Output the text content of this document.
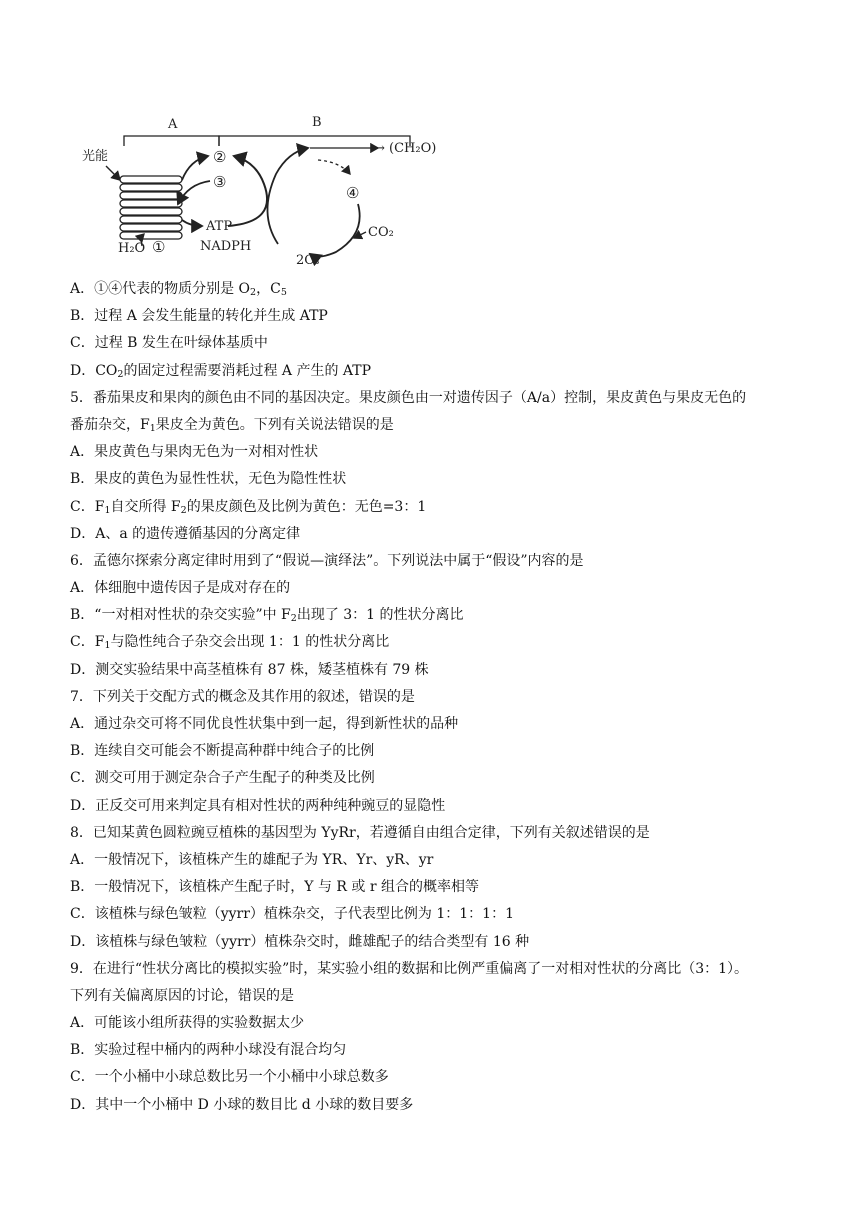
A	B
光能	②
③
④
①
ATP
NADPH
H₂O
→ (CH₂O)
CO₂
2C₃
A．①④代表的物质分别是 $O_2$，$C_5$
B．过程 A 会发生能量的转化并生成 ATP
C．过程 B 发生在叶绿体基质中
D．$CO_2$的固定过程需要消耗过程 A 产生的 ATP
5．番茄果皮和果肉的颜色由不同的基因决定。果皮颜色由一对遗传因子（A/a）控制，果皮黄色与果皮无色的
番茄杂交，$F_1$果皮全为黄色。下列有关说法错误的是
A．果皮黄色与果肉无色为一对相对性状
B．果皮的黄色为显性性状，无色为隐性性状
C．$F_1$自交所得 $F_2$的果皮颜色及比例为黄色：无色=3：1
D．A、a 的遗传遵循基因的分离定律
6．孟德尔探索分离定律时用到了“假说—演绎法”。下列说法中属于“假设”内容的是
A．体细胞中遗传因子是成对存在的
B．“一对相对性状的杂交实验”中 $F_2$出现了 3：1 的性状分离比
C．$F_1$与隐性纯合子杂交会出现 1：1 的性状分离比
D．测交实验结果中高茎植株有 87 株，矮茎植株有 79 株
7．下列关于交配方式的概念及其作用的叙述，错误的是
A．通过杂交可将不同优良性状集中到一起，得到新性状的品种
B．连续自交可能会不断提高种群中纯合子的比例
C．测交可用于测定杂合子产生配子的种类及比例
D．正反交可用来判定具有相对性状的两种纯种豌豆的显隐性
8．已知某黄色圆粒豌豆植株的基因型为 YyRr，若遵循自由组合定律，下列有关叙述错误的是
A．一般情况下，该植株产生的雄配子为 YR、Yr、yR、yr
B．一般情况下，该植株产生配子时，Y 与 R 或 r 组合的概率相等
C．该植株与绿色皱粒（yyrr）植株杂交，子代表型比例为 1：1：1：1
D．该植株与绿色皱粒（yyrr）植株杂交时，雌雄配子的结合类型有 16 种
9．在进行“性状分离比的模拟实验”时，某实验小组的数据和比例严重偏离了一对相对性状的分离比（3：1）。
下列有关偏离原因的讨论，错误的是
A．可能该小组所获得的实验数据太少
B．实验过程中桶内的两种小球没有混合均匀
C．一个小桶中小球总数比另一个小桶中小球总数多
D．其中一个小桶中 D 小球的数目比 d 小球的数目要多
